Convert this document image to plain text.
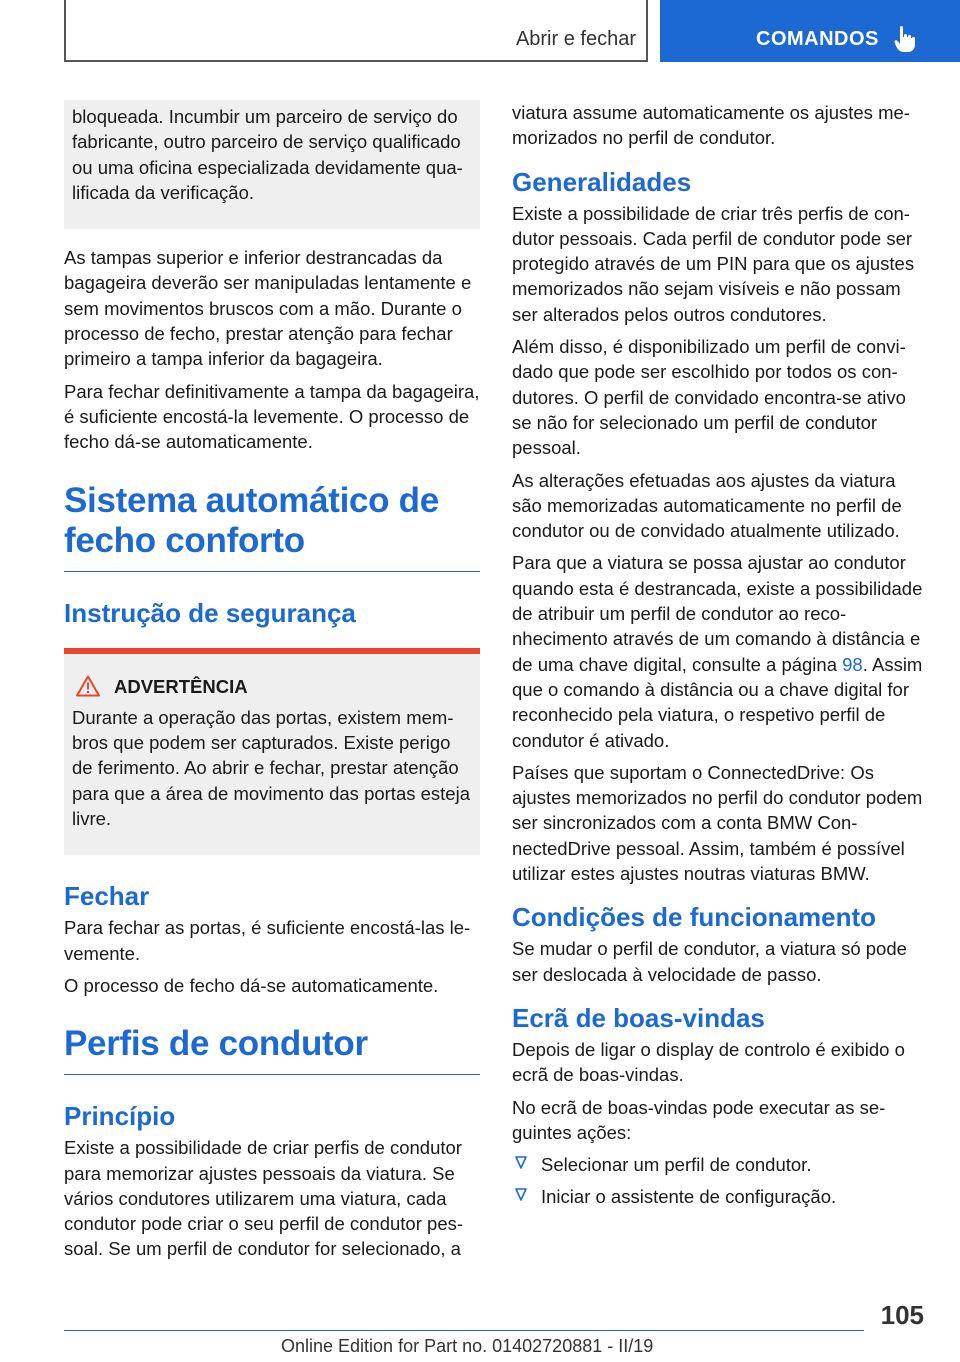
Abrir e fechar	COMANDOS

bloqueada. Incumbir um parceiro de serviço do fabricante, outro parceiro de serviço qualificado ou uma oficina especializada devidamente qualificada da verificação.

As tampas superior e inferior destrancadas da bagageira deverão ser manipuladas lentamente e sem movimentos bruscos com a mão. Durante o processo de fecho, prestar atenção para fechar primeiro a tampa inferior da bagageira.

Para fechar definitivamente a tampa da bagageira, é suficiente encostá-la levemente. O processo de fecho dá-se automaticamente.

Sistema automático de fecho conforto
Instrução de segurança
ADVERTÊNCIA

Durante a operação das portas, existem membros que podem ser capturados. Existe perigo de ferimento. Ao abrir e fechar, prestar atenção para que a área de movimento das portas esteja livre.

Fechar

Para fechar as portas, é suficiente encostá-las levemente.

O processo de fecho dá-se automaticamente.

Perfis de condutor
Princípio

Existe a possibilidade de criar perfis de condutor para memorizar ajustes pessoais da viatura. Se vários condutores utilizarem uma viatura, cada condutor pode criar o seu perfil de condutor pessoal. Se um perfil de condutor for selecionado, a

viatura assume automaticamente os ajustes memorizados no perfil de condutor.

Generalidades

Existe a possibilidade de criar três perfis de condutor pessoais. Cada perfil de condutor pode ser protegido através de um PIN para que os ajustes memorizados não sejam visíveis e não possam ser alterados pelos outros condutores.

Além disso, é disponibilizado um perfil de convidado que pode ser escolhido por todos os condutores. O perfil de convidado encontra-se ativo se não for selecionado um perfil de condutor pessoal.

As alterações efetuadas aos ajustes da viatura são memorizadas automaticamente no perfil de condutor ou de convidado atualmente utilizado.

Para que a viatura se possa ajustar ao condutor quando esta é destrancada, existe a possibilidade de atribuir um perfil de condutor ao reconhecimento através de um comando à distância e de uma chave digital, consulte a página 98. Assim que o comando à distância ou a chave digital for reconhecido pela viatura, o respetivo perfil de condutor é ativado.

Países que suportam o ConnectedDrive: Os ajustes memorizados no perfil do condutor podem ser sincronizados com a conta BMW ConnectedDrive pessoal. Assim, também é possível utilizar estes ajustes noutras viaturas BMW.

Condições de funcionamento

Se mudar o perfil de condutor, a viatura só pode ser deslocada à velocidade de passo.

Ecrã de boas-vindas

Depois de ligar o display de controlo é exibido o ecrã de boas-vindas.

No ecrã de boas-vindas pode executar as seguintes ações:

Selecionar um perfil de condutor.
Iniciar o assistente de configuração.
105
Online Edition for Part no. 01402720881 - II/19
